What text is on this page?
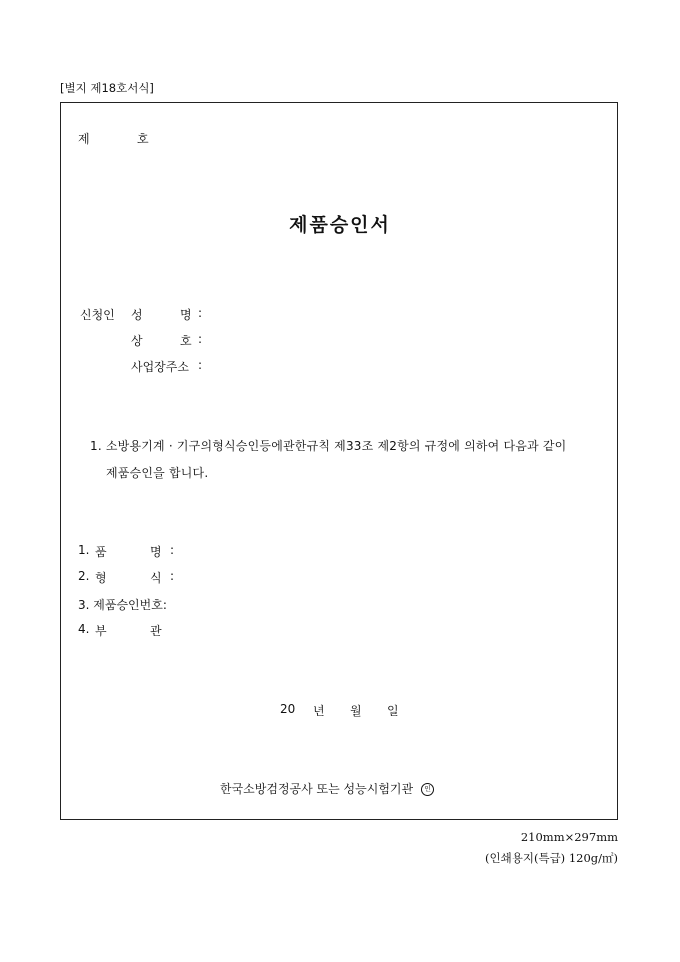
[별지 제18호서식]
제	호
제품승인서
신청인 성	명 :
상	호 :
사업장주소 :
1. 소방용기계 · 기구의형식승인등에관한규칙 제33조 제2항의 규정에 의하여 다음과 같이
제품승인을 합니다.
1. 품	명 :
2. 형	식 :
3. 제품승인번호:
4. 부	관
20 년 월 일
한국소방검정공사 또는 성능시험기관 인
210mm×297mm
(인쇄용지(특급) 120g/㎡)
